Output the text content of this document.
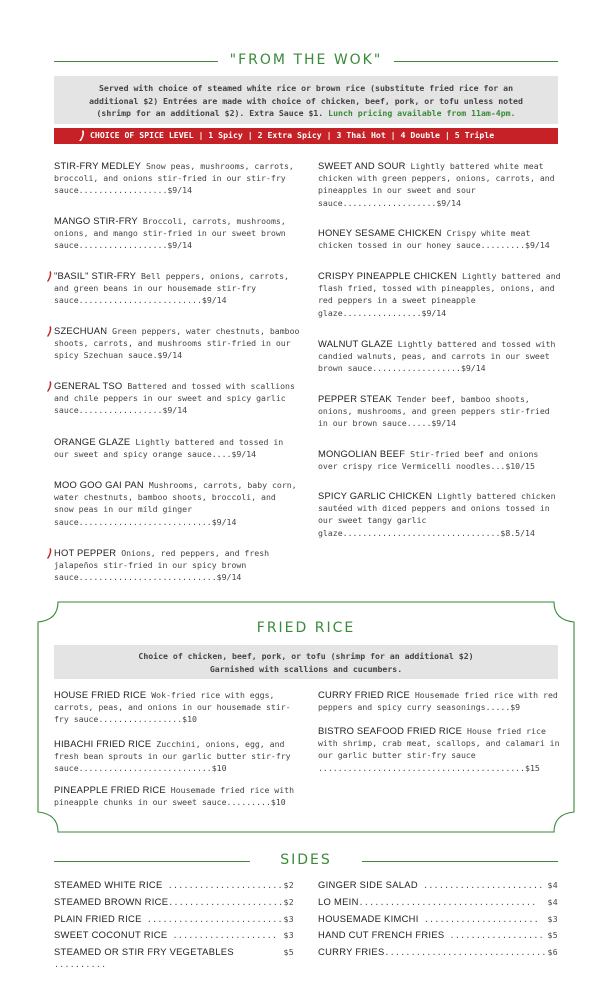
"FROM THE WOK"
Served with choice of steamed white rice or brown rice (substitute fried rice for an additional $2) Entrées are made with choice of chicken, beef, pork, or tofu unless noted (shrimp for an additional $2). Extra Sauce $1. Lunch pricing available from 11am-4pm.
CHOICE OF SPICE LEVEL | 1 Spicy | 2 Extra Spicy | 3 Thai Hot | 4 Double | 5 Triple
FRIED RICE
Choice of chicken, beef, pork, or tofu (shrimp for an additional $2)
Garnished with scallions and cucumbers.
SIDES
STIR-FRY MEDLEY Snow peas, mushrooms, carrots, broccoli, and onions stir-fried in our stir-fry sauce..................$9/14
MANGO STIR-FRY Broccoli, carrots, mushrooms, onions, and mango stir-fried in our sweet brown sauce..................$9/14
"BASIL" STIR-FRY Bell peppers, onions, carrots, and green beans in our housemade stir-fry sauce.........................$9/14
SZECHUAN Green peppers, water chestnuts, bamboo shoots, carrots, and mushrooms stir-fried in our spicy Szechuan sauce.$9/14
GENERAL TSO Battered and tossed with scallions and chile peppers in our sweet and spicy garlic sauce.................$9/14
ORANGE GLAZE Lightly battered and tossed in our sweet and spicy orange sauce....$9/14
MOO GOO GAI PAN Mushrooms, carrots, baby corn, water chestnuts, bamboo shoots, broccoli, and snow peas in our mild ginger sauce...........................$9/14
HOT PEPPER Onions, red peppers, and fresh jalapeños stir-fried in our spicy brown sauce............................$9/14
SWEET AND SOUR Lightly battered white meat chicken with green peppers, onions, carrots, and pineapples in our sweet and sour sauce...................$9/14
HONEY SESAME CHICKEN Crispy white meat chicken tossed in our honey sauce.........$9/14
CRISPY PINEAPPLE CHICKEN Lightly battered and flash fried, tossed with pineapples, onions, and red peppers in a sweet pineapple glaze................$9/14
WALNUT GLAZE Lightly battered and tossed with candied walnuts, peas, and carrots in our sweet brown sauce..................$9/14
PEPPER STEAK Tender beef, bamboo shoots, onions, mushrooms, and green peppers stir-fried in our brown sauce.....$9/14
MONGOLIAN BEEF Stir-fried beef and onions over crispy rice Vermicelli noodles...$10/15
SPICY GARLIC CHICKEN Lightly battered chicken sautéed with diced peppers and onions tossed in our sweet tangy garlic glaze................................$8.5/14
HOUSE FRIED RICE Wok-fried rice with eggs, carrots, peas, and onions in our housemade stir-fry sauce.................$10
HIBACHI FRIED RICE Zucchini, onions, egg, and fresh bean sprouts in our garlic butter stir-fry sauce...........................$10
PINEAPPLE FRIED RICE Housemade fried rice with pineapple chunks in our sweet sauce.........$10
CURRY FRIED RICE Housemade fried rice with red peppers and spicy curry seasonings.....$9
BISTRO SEAFOOD FRIED RICE House fried rice with shrimp, crab meat, scallops, and calamari in our garlic butter stir-fry sauce ..........................................$15
$2
STEAMED WHITE RICE ......................
$2
STEAMED BROWN RICE......................
$3
PLAIN FRIED RICE ..........................
$3
SWEET COCONUT RICE ....................
$5
STEAMED OR STIR FRY VEGETABLES ..........
$4
GINGER SIDE SALAD .......................
$4
LO MEIN..................................
$3
HOUSEMADE KIMCHI ......................
$5
HAND CUT FRENCH FRIES ..................
$6
CURRY FRIES...............................
